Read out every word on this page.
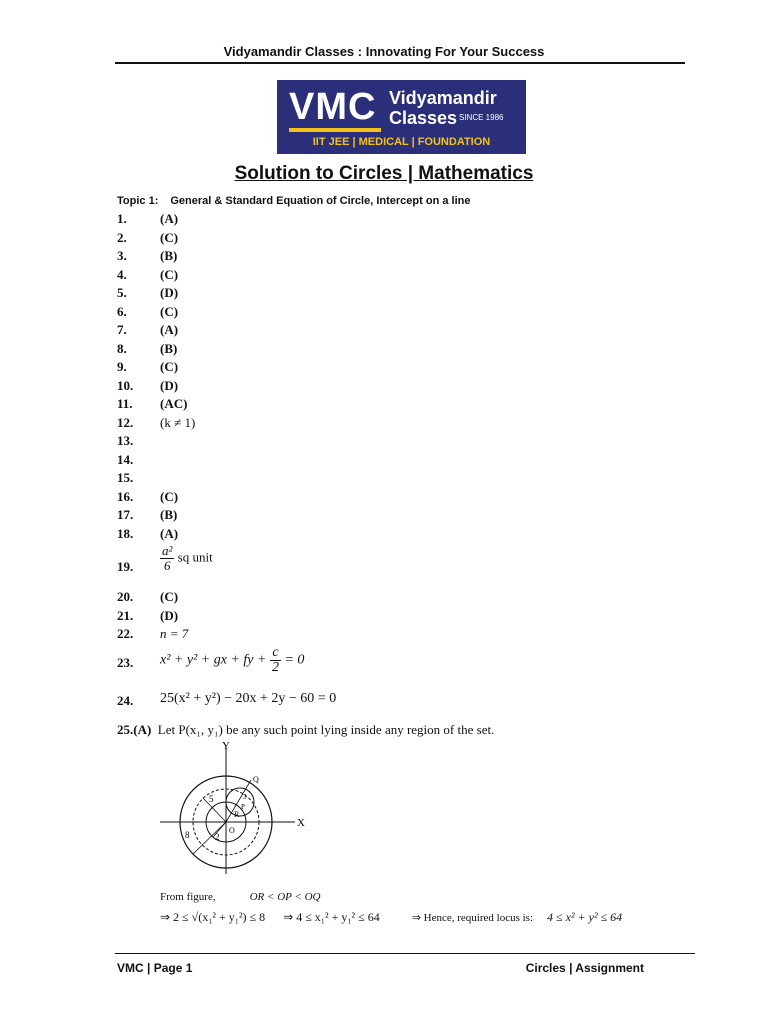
Vidyamandir Classes : Innovating For Your Success
VMC Vidyamandir
Classes SINCE 1986
IIT JEE | MEDICAL | FOUNDATION
Solution to Circles | Mathematics
Topic 1: General & Standard Equation of Circle, Intercept on a line
1.	(A)
2.	(C)
3.	(B)
4.	(C)
5.	(D)
6.	(C)
7.	(A)
8.	(B)
9.	(C)
10. (D)
11. (AC)
12. (k ≠ 1)
13.
14.
15.
16. (C)
17. (B)
18. (A)
19. $\frac{\text{a²}}{6}$ sq unit
20. (C)
21. (D)
22. n = 7
23. x² + y² + gx + fy + $\frac{c}{2} = 0$
24. 25(x² + y²) − 20x + 2y − 60 = 0
25.(A) Let P(x₁, y₁) be any such point lying inside any region of the set.
X
Y
O
Q
R
P
8
5
2
3
From figure,	OR < OP < OQ
⇒ 2 ≤ √(x₁² + y₁²) ≤ 8 ⇒ 4 ≤ x₁² + y₁² ≤ 64	⇒ Hence, required locus is: 4 ≤ x² + y² ≤ 64
VMC | Page 1	Circles | Assignment
